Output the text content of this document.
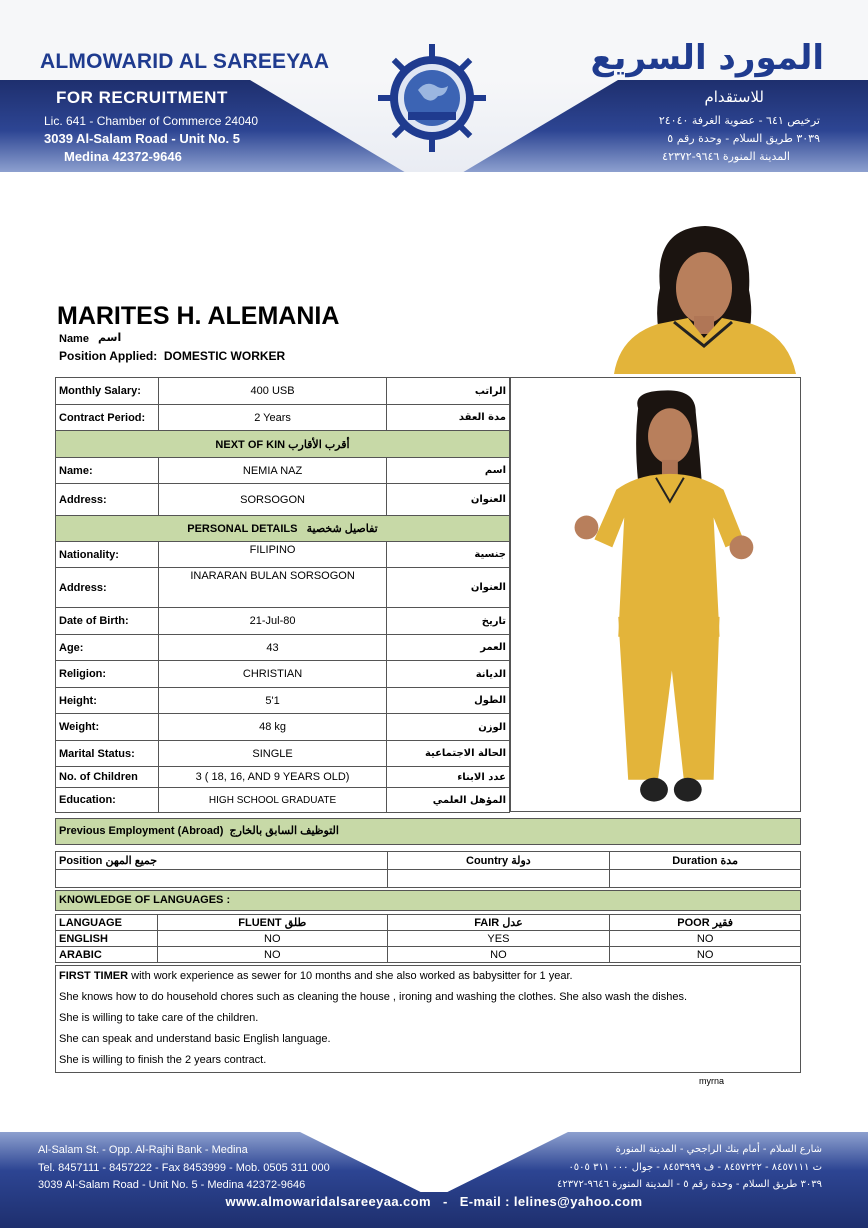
ALMOWARID AL SAREEYAA
FOR RECRUITMENT
Lic. 641 - Chamber of Commerce 24040
3039 Al-Salam Road - Unit No. 5
Medina 42372-9646
المورد السريع
للاستقدام
ترخيص ٦٤١ - عضوية الغرفة ٢٤٠٤٠
٣٠٣٩ طريق السلام - وحدة رقم ٥
المدينة المنورة ٩٦٤٦-٤٢٣٧٢
MARITES H. ALEMANIA
Name اسم
Position Applied: DOMESTIC WORKER
Monthly Salary:	400 USB	الراتب
Contract Period:	2 Years	مدة العقد
NEXT OF KIN أقرب الأقارب		
Name:	NEMIA NAZ	اسم
Address:	SORSOGON	العنوان
PERSONAL DETAILS تفاصيل شخصية		
Nationality:	FILIPINO	جنسية
Address:	INARARAN BULAN SORSOGON	العنوان
Date of Birth:	21-Jul-80	تاريخ
Age:	43	العمر
Religion:	CHRISTIAN	الديانة
Height:	5'1	الطول
Weight:	48 kg	الوزن
Marital Status:	SINGLE	الحالة الاجتماعية
No. of Children	3 ( 18, 16, AND 9 YEARS OLD)	عدد الابناء
Education:	HIGH SCHOOL GRADUATE	المؤهل العلمي
Previous Employment (Abroad) التوظيف السابق بالخارج
Position جميع المهن	Country دولة	Duration مدة

KNOWLEDGE OF LANGUAGES :
LANGUAGE	FLUENT طلق	FAIR عدل	POOR فقير
ENGLISH	NO	YES	NO
ARABIC	NO	NO	NO

FIRST TIMER with work experience as sewer for 10 months and she also worked as babysitter for 1 year.

She knows how to do household chores such as cleaning the house , ironing and washing the clothes. She also wash the dishes.

She is willing to take care of the children.

She can speak and understand basic English language.

She is willing to finish the 2 years contract.

myrna
Al-Salam St. - Opp. Al-Rajhi Bank - Medina
Tel. 8457111 - 8457222 - Fax 8453999 - Mob. 0505 311 000
3039 Al-Salam Road - Unit No. 5 - Medina 42372-9646
شارع السلام - أمام بنك الراجحي - المدينة المنورة
ت ٨٤٥٧١١١ - ٨٤٥٧٢٢٢ - ف ٨٤٥٣٩٩٩ - جوال ٠٠٠ ٣١١ ٠٥٠٥
٣٠٣٩ طريق السلام - وحدة رقم ٥ - المدينة المنورة ٩٦٤٦-٤٢٣٧٢
www.almowaridalsareeyaa.com   -   E-mail : lelines@yahoo.com
